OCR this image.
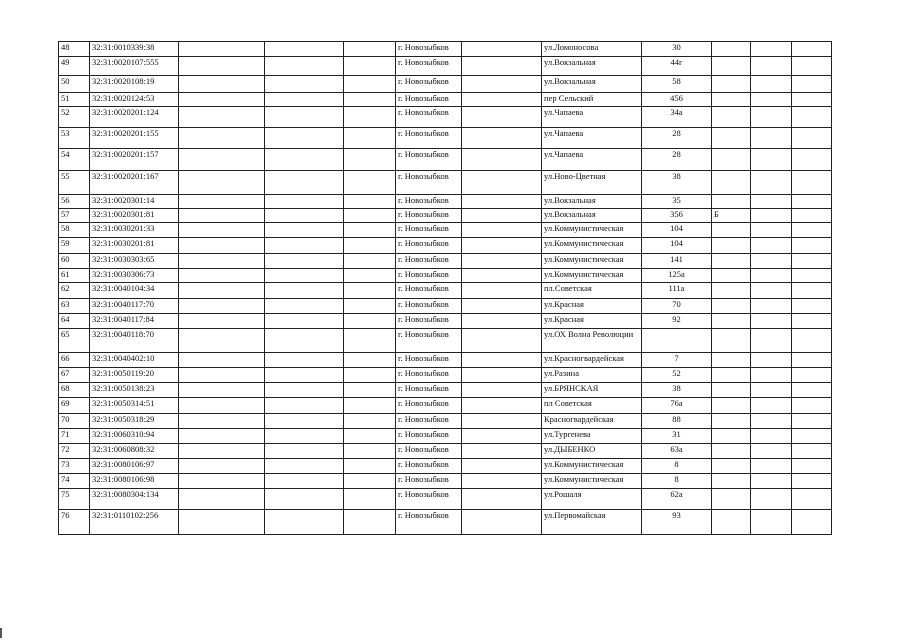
48	32:31:0010339:38				г. Новозыбков		ул.Ломоносова	30			
49	32:31:0020107:555				г. Новозыбков		ул.Вокзальная	44г			
50	32:31:0020108:19				г. Новозыбков		ул.Вокзальная	58			
51	32:31:0020124:53				г. Новозыбков		пер Сельский	456			
52	32:31:0020201:124				г. Новозыбков		ул.Чапаева	34а			
53	32:31:0020201:155				г. Новозыбков		ул.Чапаева	28			
54	32:31:0020201:157				г. Новозыбков		ул.Чапаева	28			
55	32:31:0020201:167				г. Новозыбков		ул.Ново-Цветная	38			
56	32:31:0020301:14				г. Новозыбков		ул.Вокзальная	35			
57	32:31:0020301:81				г. Новозыбков		ул.Вокзальная	356	Б		
58	32:31:0030201:33				г. Новозыбков		ул.Коммунистическая	104			
59	32:31:0030201:81				г. Новозыбков		ул.Коммунистическая	104			
60	32:31:0030303:65				г. Новозыбков		ул.Коммунистическая	141			
61	32:31:0030306:73				г. Новозыбков		ул.Коммунистическая	125а			
62	32:31:0040104:34				г. Новозыбков		пл.Советская	111а			
63	32:31:0040117:70				г. Новозыбков		ул.Красная	70			
64	32:31:0040117:84				г. Новозыбков		ул.Красная	92			
65	32:31:0040118:70				г. Новозыбков		ул.ОХ Волна Революции				
66	32:31:0040402:10				г. Новозыбков		ул.Красногвардейская	7			
67	32:31:0050119:20				г. Новозыбков		ул.Разина	52			
68	32:31:0050138:23				г. Новозыбков		ул.БРЯНСКАЯ	38			
69	32:31:0050314:51				г. Новозыбков		пл Советская	76а			
70	32:31:0050318:29				г. Новозыбков		Красногвардейская	88			
71	32:31:0060310:94				г. Новозыбков		ул.Тургенева	31			
72	32:31:0060808:32				г. Новозыбков		ул.ДЫБЕНКО	63а			
73	32:31:0080106:97				г. Новозыбков		ул.Коммунистическая	8			
74	32:31:0080106:98				г. Новозыбков		ул.Коммунистическая	8			
75	32:31:0080304:134				г. Новозыбков		ул.Рошаля	62а			
76	32:31:0110102:256				г. Новозыбков		ул.Первомайская	93			
